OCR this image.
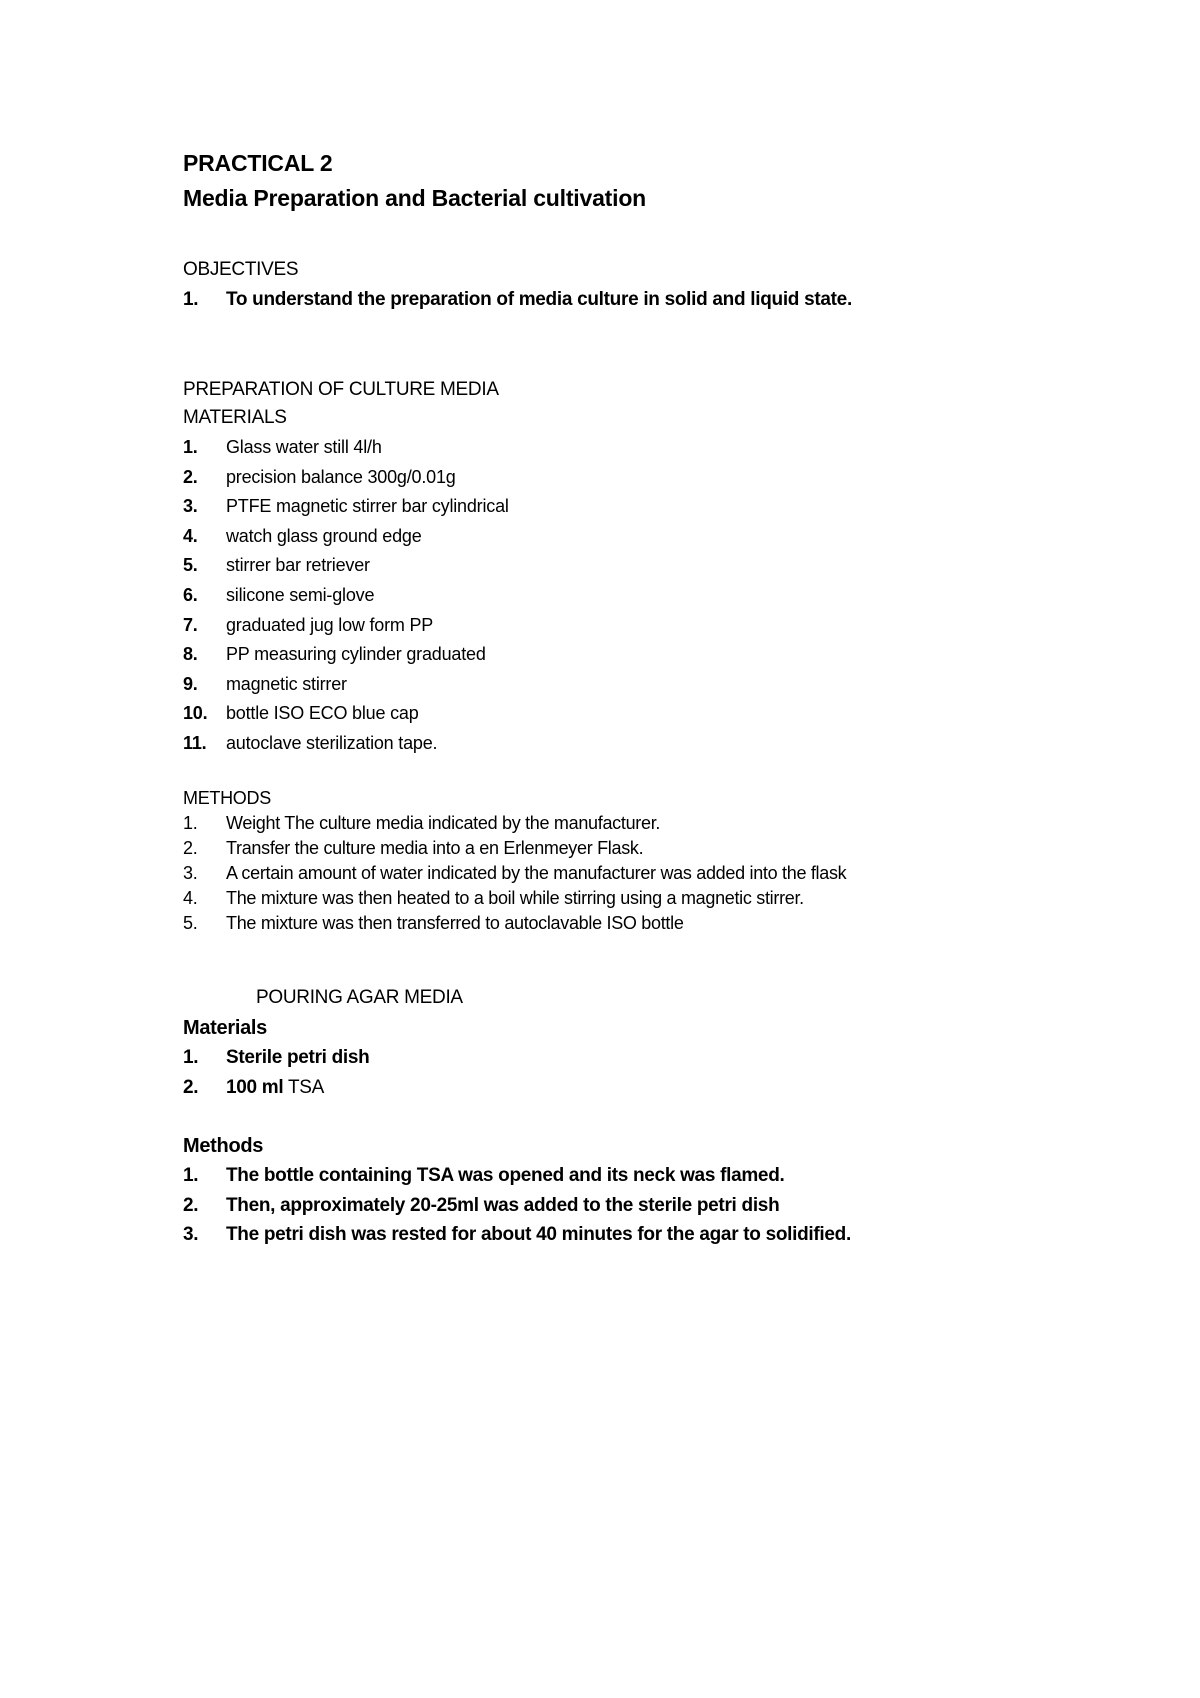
PRACTICAL 2
Media Preparation and Bacterial cultivation
OBJECTIVES
1.	To understand the preparation of media culture in solid and liquid state.
PREPARATION OF CULTURE MEDIA
MATERIALS
1.	Glass water still 4l/h
2.	precision balance 300g/0.01g
3.	PTFE magnetic stirrer bar cylindrical
4.	watch glass ground edge
5.	stirrer bar retriever
6.	silicone semi-glove
7.	graduated jug low form PP
8.	PP measuring cylinder graduated
9.	magnetic stirrer
10.	bottle ISO ECO blue cap
11.	autoclave sterilization tape.
METHODS
1.	Weight The culture media indicated by the manufacturer.
2.	Transfer the culture media into a en Erlenmeyer Flask.
3.	A certain amount of water indicated by the manufacturer was added into the flask
4.	The mixture was then heated to a boil while stirring using a magnetic stirrer.
5.	The mixture was then transferred to autoclavable ISO bottle
POURING AGAR MEDIA
Materials
1.	Sterile petri dish
2.	100 ml TSA
Methods
1.	The bottle containing TSA was opened and its neck was flamed.
2.	Then, approximately 20-25ml was added to the sterile petri dish
3.	The petri dish was rested for about 40 minutes for the agar to solidified.
